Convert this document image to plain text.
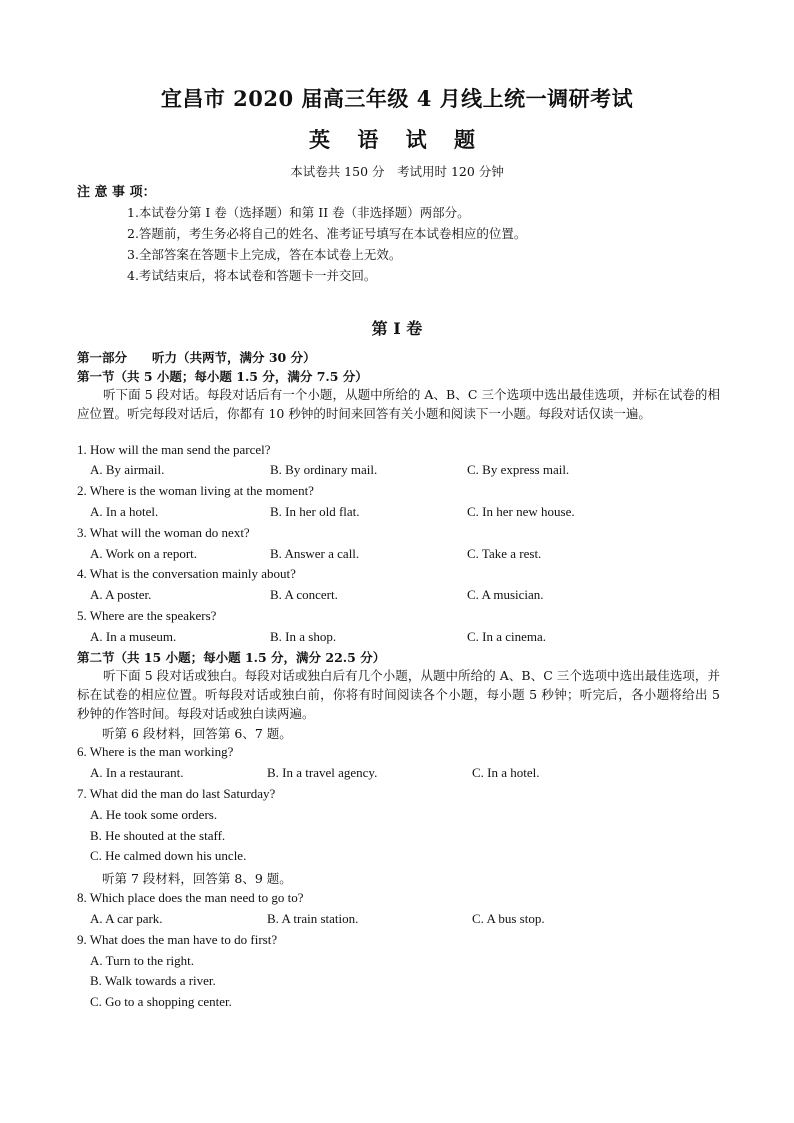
宜昌市 2020 届高三年级 4 月线上统一调研考试
英 语 试 题
本试卷共 150 分　考试用时 120 分钟
注 意 事 项：
1.本试卷分第 I 卷（选择题）和第 II 卷（非选择题）两部分。
2.答题前，考生务必将自己的姓名、准考证号填写在本试卷相应的位置。
3.全部答案在答题卡上完成，答在本试卷上无效。
4.考试结束后，将本试卷和答题卡一并交回。
第 I 卷
第一部分　　听力（共两节，满分 30 分）
第一节（共 5 小题；每小题 1.5 分，满分 7.5 分）
听下面 5 段对话。每段对话后有一个小题，从题中所给的 A、B、C 三个选项中选出最佳选项，并标在试卷的相应位置。听完每段对话后，你都有 10 秒钟的时间来回答有关小题和阅读下一小题。每段对话仅读一遍。
1. How will the man send the parcel?
A. By airmail.	B. By ordinary mail.	C. By express mail.
2. Where is the woman living at the moment?
A. In a hotel.	B. In her old flat.	C. In her new house.
3. What will the woman do next?
A. Work on a report.	B. Answer a call.	C. Take a rest.
4. What is the conversation mainly about?
A. A poster.	B. A concert.	C. A musician.
5. Where are the speakers?
A. In a museum.	B. In a shop.	C. In a cinema.
第二节（共 15 小题；每小题 1.5 分，满分 22.5 分）
听下面 5 段对话或独白。每段对话或独白后有几个小题，从题中所给的 A、B、C 三个选项中选出最佳选项，并标在试卷的相应位置。听每段对话或独白前，你将有时间阅读各个小题，每小题 5 秒钟；听完后，各小题将给出 5 秒钟的作答时间。每段对话或独白读两遍。
听第 6 段材料，回答第 6、7 题。
6. Where is the man working?
A. In a restaurant.	B. In a travel agency.	C. In a hotel.
7. What did the man do last Saturday?
A. He took some orders.
B. He shouted at the staff.
C. He calmed down his uncle.
听第 7 段材料，回答第 8、9 题。
8. Which place does the man need to go to?
A. A car park.	B. A train station.	C. A bus stop.
9. What does the man have to do first?
A. Turn to the right.
B. Walk towards a river.
C. Go to a shopping center.
